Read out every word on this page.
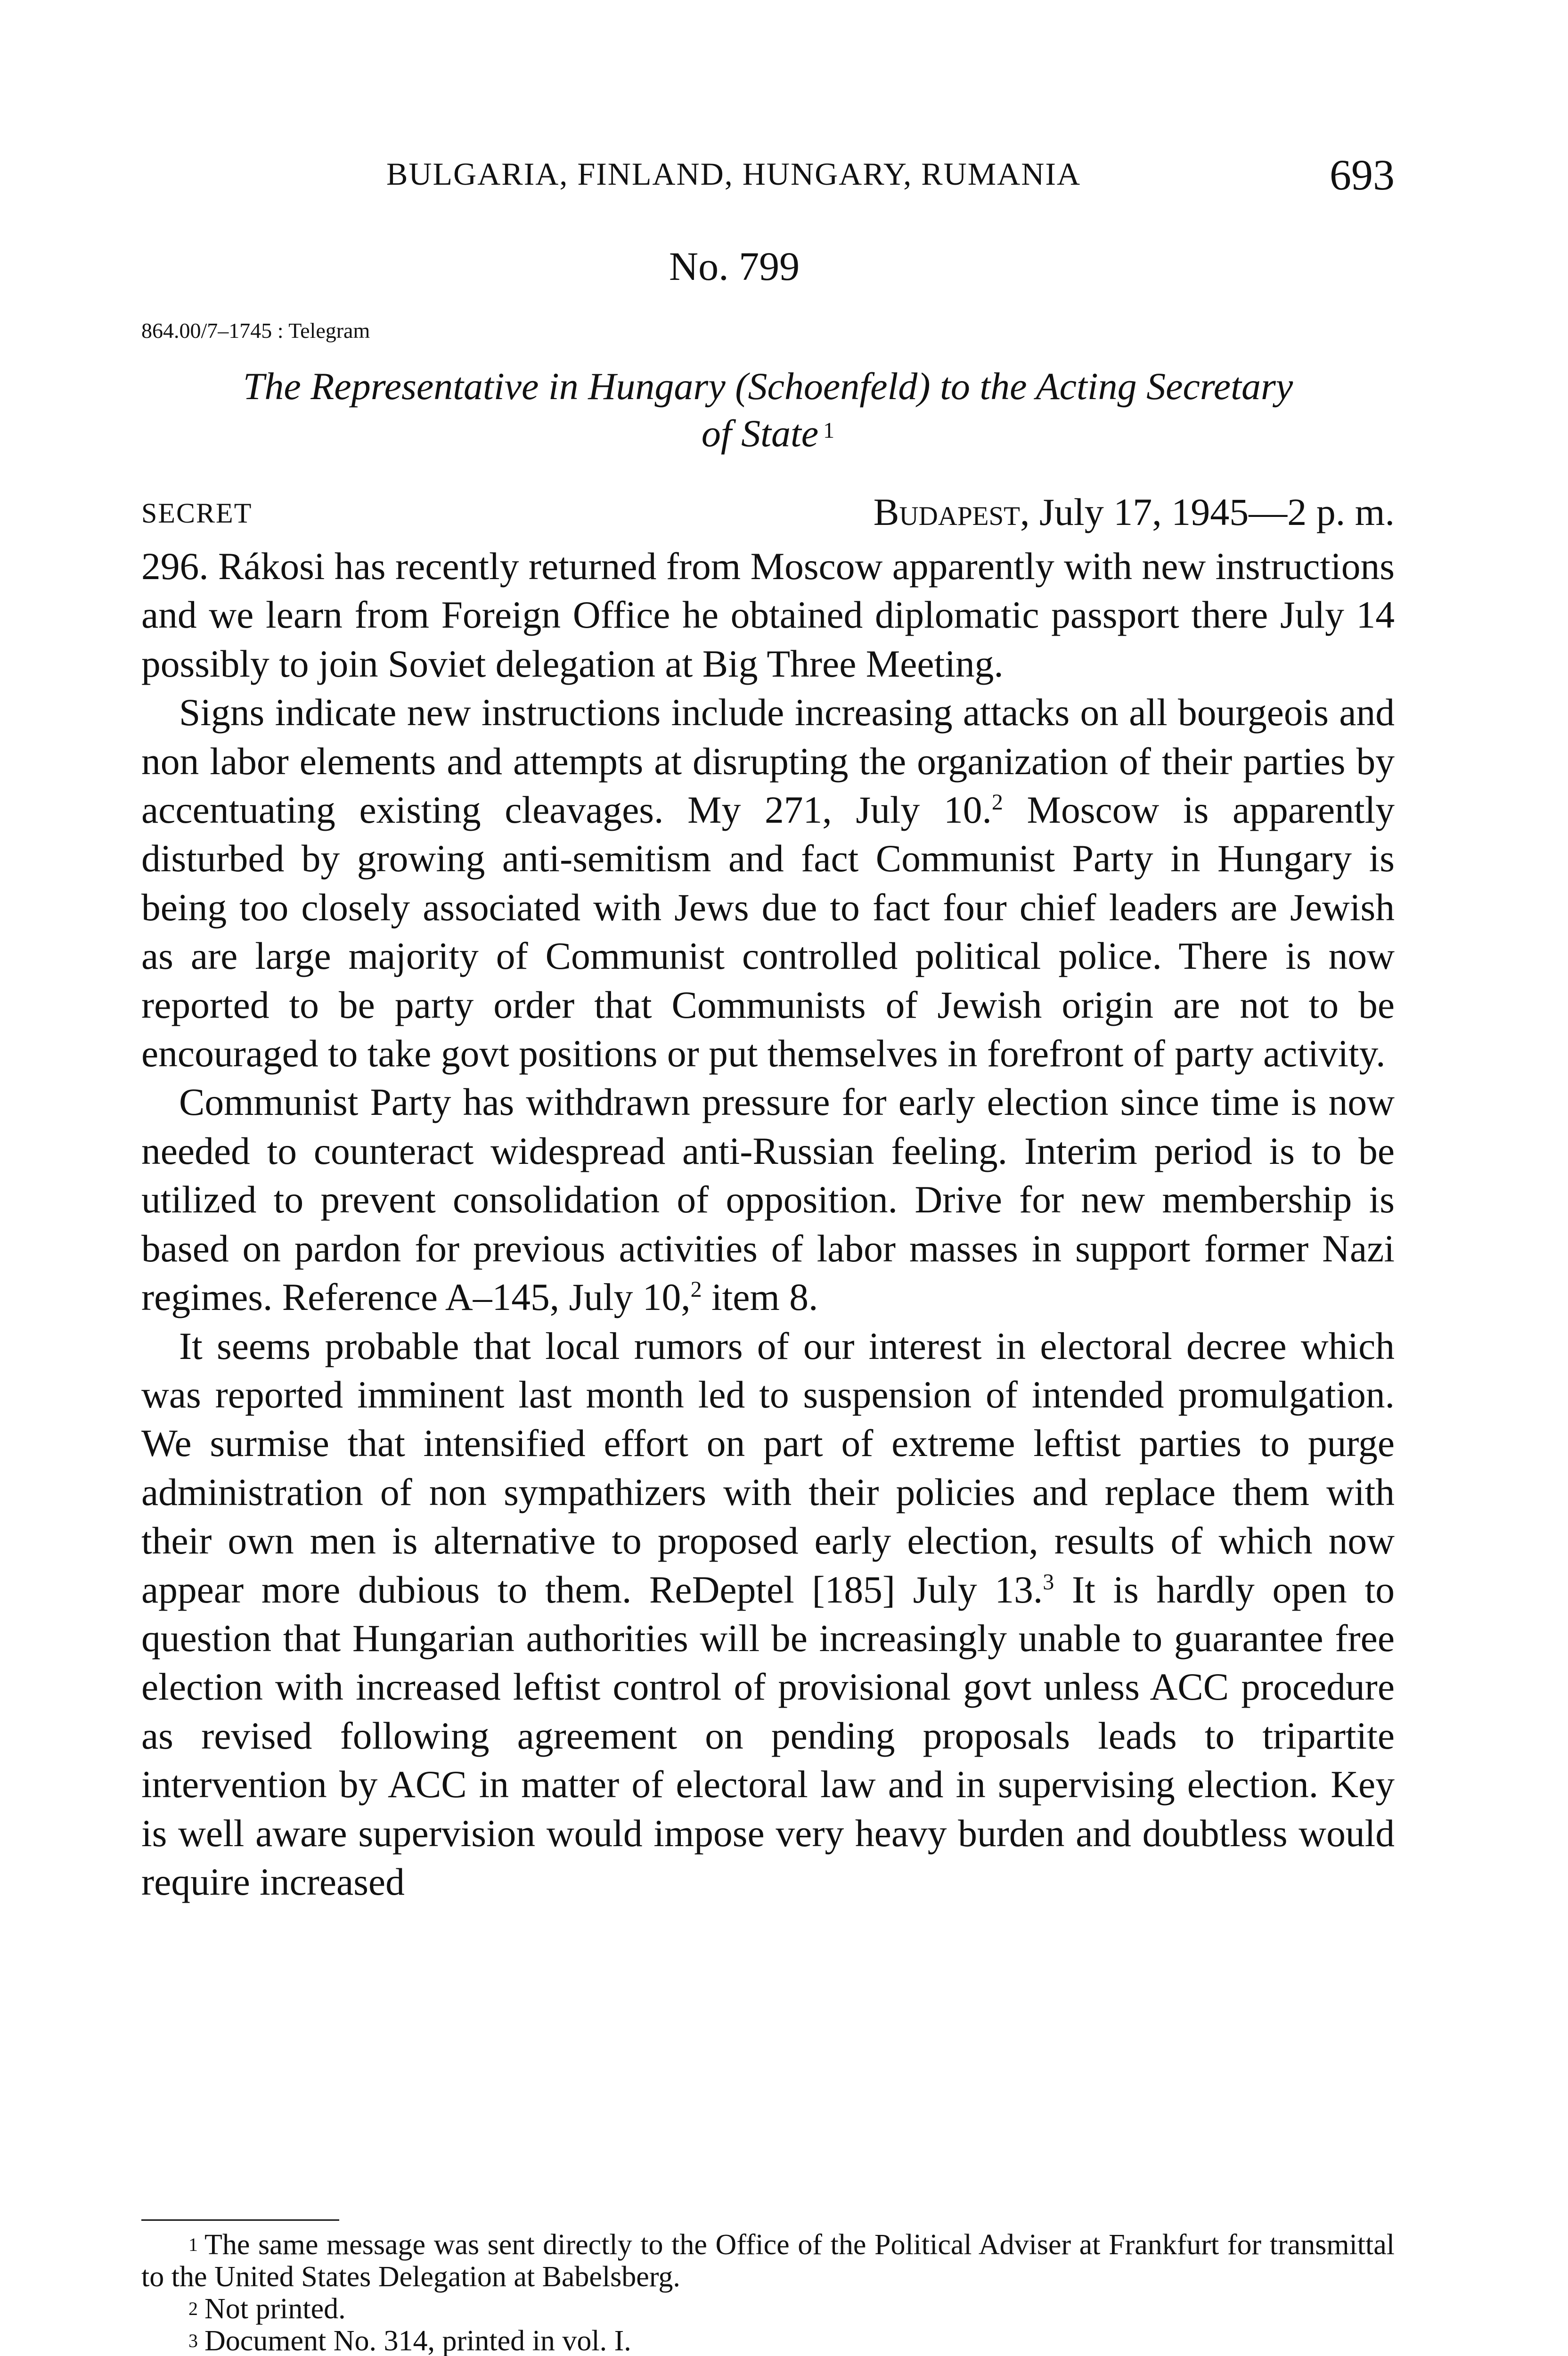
BULGARIA, FINLAND, HUNGARY, RUMANIA	693
No. 799
864.00/7–1745 : Telegram
The Representative in Hungary (Schoenfeld) to the Acting Secretary
of State $^1$
SECRET	Budapest, July 17, 1945—2 p. m.

296. Rákosi has recently returned from Moscow apparently with new instructions and we learn from Foreign Office he obtained diplomatic passport there July 14 possibly to join Soviet delegation at Big Three Meeting.

Signs indicate new instructions include increasing attacks on all bourgeois and non labor elements and attempts at disrupting the organization of their parties by accentuating existing cleavages. My 271, July 10.$^2$ Moscow is apparently disturbed by growing anti-semitism and fact Communist Party in Hungary is being too closely associated with Jews due to fact four chief leaders are Jewish as are large majority of Communist controlled political police. There is now reported to be party order that Communists of Jewish origin are not to be encouraged to take govt positions or put themselves in forefront of party activity.

Communist Party has withdrawn pressure for early election since time is now needed to counteract widespread anti-Russian feeling. Interim period is to be utilized to prevent consolidation of opposition. Drive for new membership is based on pardon for previous activities of labor masses in support former Nazi regimes. Reference A–145, July 10,$^2$ item 8.

It seems probable that local rumors of our interest in electoral decree which was reported imminent last month led to suspension of intended promulgation. We surmise that intensified effort on part of extreme leftist parties to purge administration of non sympathizers with their policies and replace them with their own men is alternative to proposed early election, results of which now appear more dubious to them. ReDeptel [185] July 13.$^3$ It is hardly open to question that Hungarian authorities will be increasingly unable to guarantee free election with increased leftist control of provisional govt unless ACC procedure as revised following agreement on pending proposals leads to tripartite intervention by ACC in matter of electoral law and in supervising election. Key is well aware supervision would impose very heavy burden and doubtless would require increased

$^1$ The same message was sent directly to the Office of the Political Adviser at Frankfurt for transmittal to the United States Delegation at Babelsberg.

$^2$ Not printed.

$^3$ Document No. 314, printed in vol. I.
